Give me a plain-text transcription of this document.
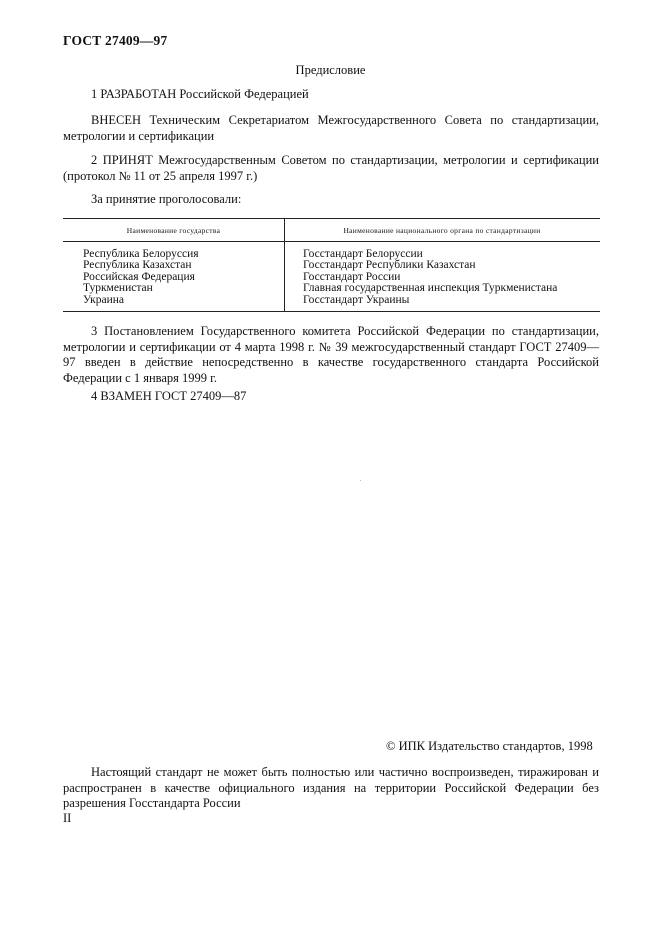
ГОСТ 27409—97
Предисловие
1 РАЗРАБОТАН Российской Федерацией
ВНЕСЕН Техническим Секретариатом Межгосударственного Совета по стандартизации, метрологии и сертификации
2 ПРИНЯТ Межгосударственным Советом по стандартизации, метрологии и сертификации (протокол № 11 от 25 апреля 1997 г.)
За принятие проголосовали:
Наименование государства	Наименование национального органа по стандартизации
Республика Белоруссия
Республика Казахстан
Российская Федерация
Туркменистан
Украина
Госстандарт Белоруссии
Госстандарт Республики Казахстан
Госстандарт России
Главная государственная инспекция Туркменистана
Госстандарт Украины
3 Постановлением Государственного комитета Российской Федерации по стандартизации, метрологии и сертификации от 4 марта 1998 г. № 39 межгосударственный стандарт ГОСТ 27409—97 введен в действие непосредственно в качестве государственного стандарта Российской Федерации с 1 января 1999 г.
4 ВЗАМЕН ГОСТ 27409—87
© ИПК Издательство стандартов, 1998
Настоящий стандарт не может быть полностью или частично воспроизведен, тиражирован и распространен в качестве официального издания на территории Российской Федерации без разрешения Госстандарта России
II
